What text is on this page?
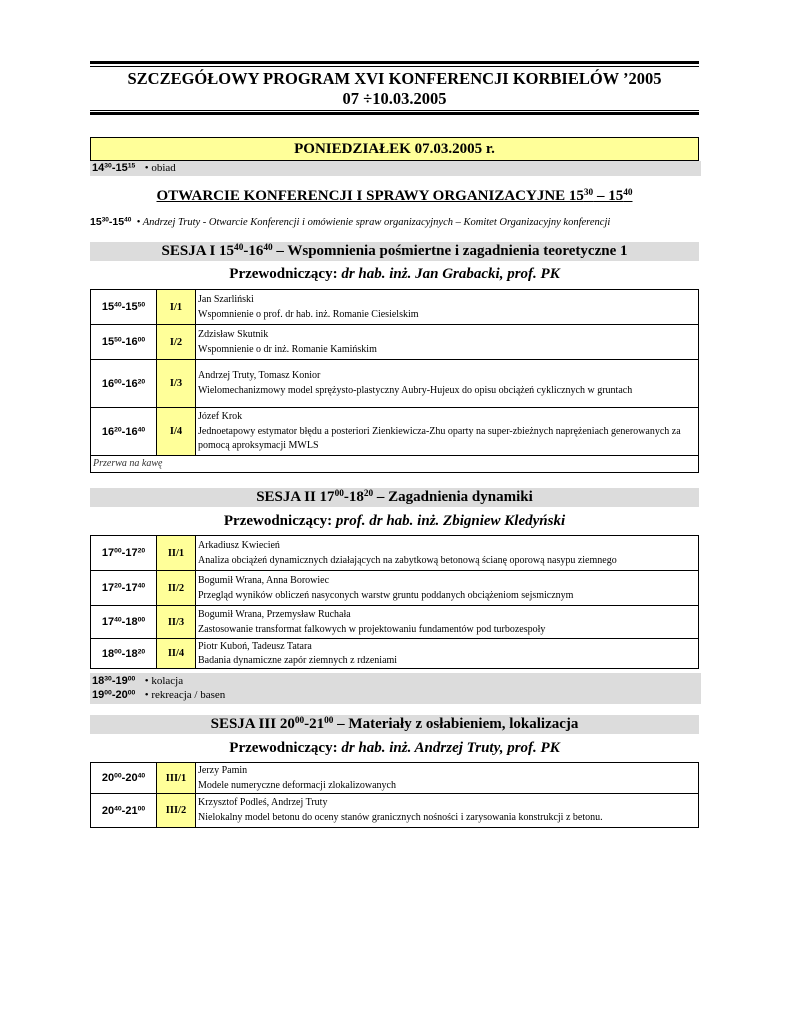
SZCZEGÓŁOWY PROGRAM XVI KONFERENCJI KORBIELÓW ’2005
07 ÷10.03.2005
PONIEDZIAŁEK 07.03.2005 r.
$14^{30}-15^{15}$ • obiad
OTWARCIE KONFERENCJI I SPRAWY ORGANIZACYJNE $15^{30} - 15^{40}$
$15^{30}-15^{40}$ • Andrzej Truty - Otwarcie Konferencji i omówienie spraw organizacyjnych – Komitet Organizacyjny konferencji
SESJA I $15^{40}-16^{40}$ – Wspomnienia pośmiertne i zagadnienia teoretyczne 1
Przewodniczący: dr hab. inż. Jan Grabacki, prof. PK
$15^{40}-15^{50}$	I/1	Jan Szarliński
Wspomnienie o prof. dr hab. inż. Romanie Ciesielskim

$15^{50}-16^{00}$	I/2	Zdzisław Skutnik
Wspomnienie o dr inż. Romanie Kamińskim

$16^{00}-16^{20}$	I/3	Andrzej Truty, Tomasz Konior
Wielomechanizmowy model sprężysto-plastyczny Aubry-Hujeux do opisu obciążeń cyklicznych w gruntach

$16^{20}-16^{40}$	I/4	Józef Krok
Jednoetapowy estymator błędu a posteriori Zienkiewicza-Zhu oparty na super-zbieżnych naprężeniach generowanych za pomocą aproksymacji MWLS

Przerwa na kawę		
SESJA II $17^{00}-18^{20}$ – Zagadnienia dynamiki
Przewodniczący: prof. dr hab. inż. Zbigniew Kledyński
$17^{00}-17^{20}$	II/1	Arkadiusz Kwiecień
Analiza obciążeń dynamicznych działających na zabytkową betonową ścianę oporową nasypu ziemnego

$17^{20}-17^{40}$	II/2	Bogumił Wrana, Anna Borowiec
Przegląd wyników obliczeń nasyconych warstw gruntu poddanych obciążeniom sejsmicznym

$17^{40}-18^{00}$	II/3	Bogumił Wrana, Przemysław Ruchała
Zastosowanie transformat falkowych w projektowaniu fundamentów pod turbozespoły

$18^{00}-18^{20}$	II/4	Piotr Kuboń, Tadeusz Tatara
Badania dynamiczne zapór ziemnych z rdzeniami
$18^{30}-19^{00}$ • kolacja
$19^{00}-20^{00}$ • rekreacja / basen
SESJA III $20^{00}-21^{00}$ – Materiały z osłabieniem, lokalizacja
Przewodniczący: dr hab. inż. Andrzej Truty, prof. PK
$20^{00}-20^{40}$	III/1	Jerzy Pamin
Modele numeryczne deformacji zlokalizowanych

$20^{40}-21^{00}$	III/2	Krzysztof Podleś, Andrzej Truty
Nielokalny model betonu do oceny stanów granicznych nośności i zarysowania konstrukcji z betonu.
